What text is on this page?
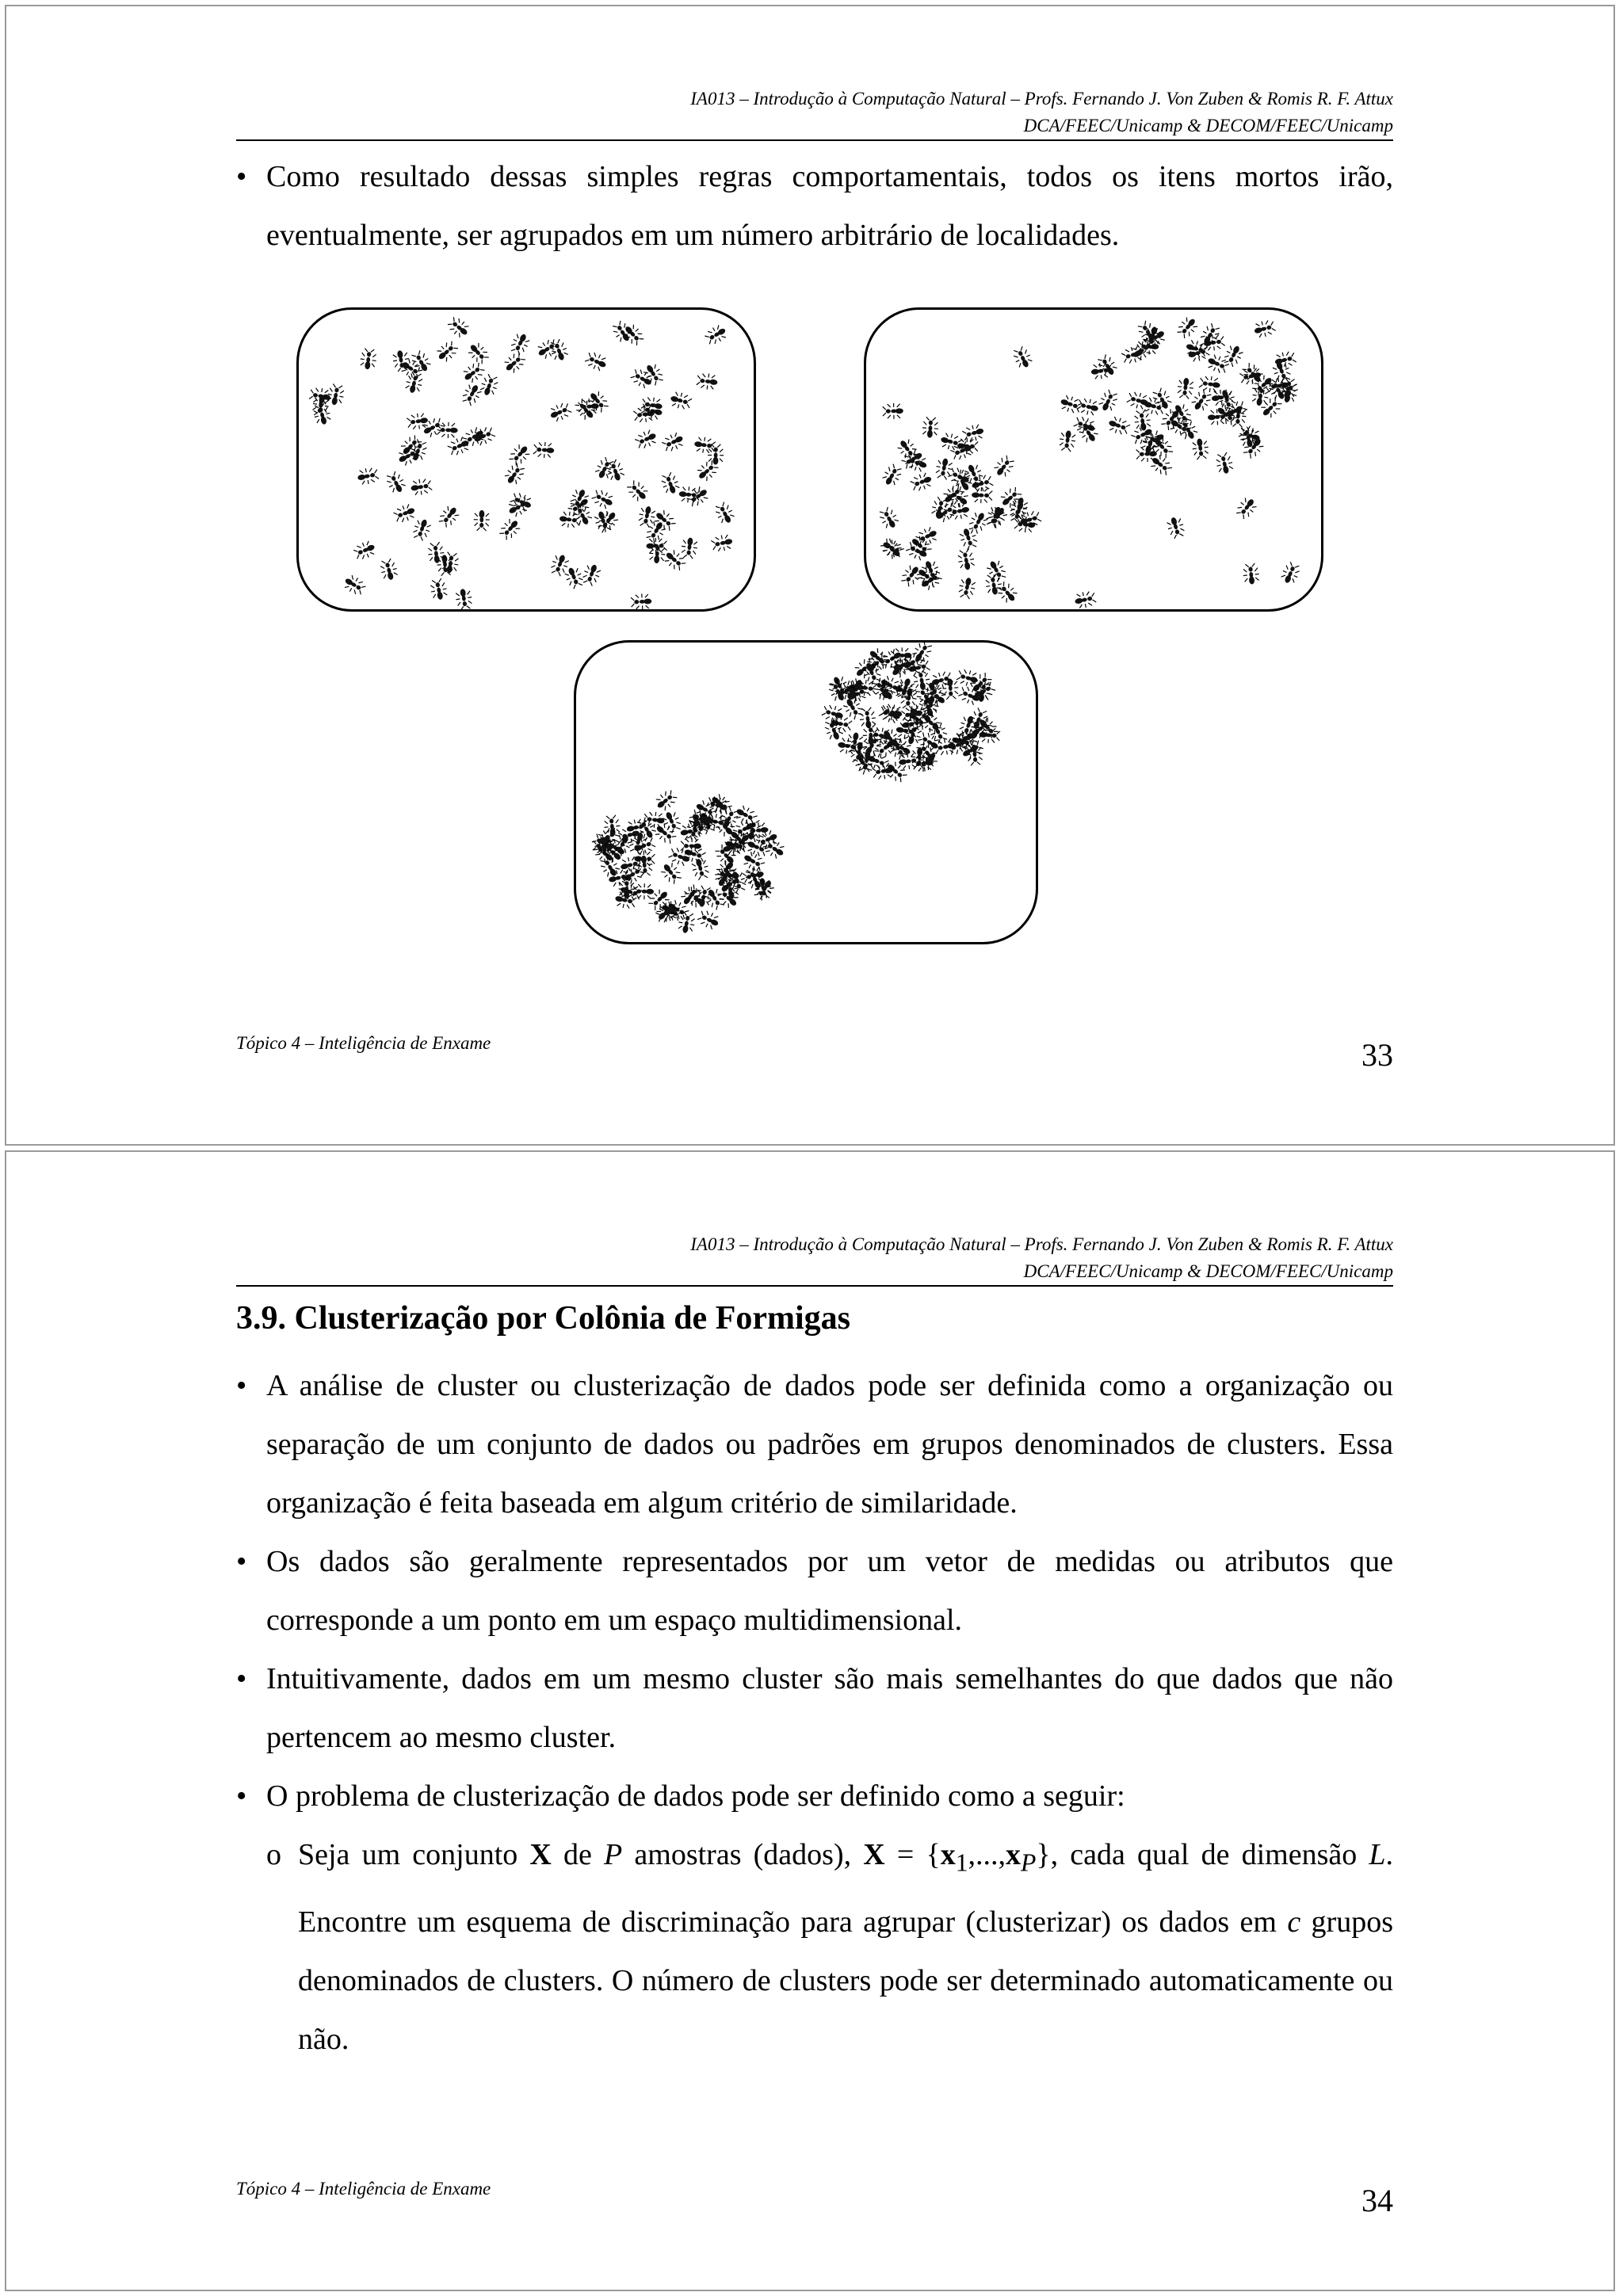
IA013 – Introdução à Computação Natural – Profs. Fernando J. Von Zuben & Romis R. F. Attux
DCA/FEEC/Unicamp & DECOM/FEEC/Unicamp
• Como resultado dessas simples regras comportamentais, todos os itens mortos irão, eventualmente, ser agrupados em um número arbitrário de localidades.
Tópico 4 – Inteligência de Enxame	33
IA013 – Introdução à Computação Natural – Profs. Fernando J. Von Zuben & Romis R. F. Attux
DCA/FEEC/Unicamp & DECOM/FEEC/Unicamp
3.9. Clusterização por Colônia de Formigas
• A análise de cluster ou clusterização de dados pode ser definida como a organização ou separação de um conjunto de dados ou padrões em grupos denominados de clusters. Essa organização é feita baseada em algum critério de similaridade.
• Os dados são geralmente representados por um vetor de medidas ou atributos que corresponde a um ponto em um espaço multidimensional.
• Intuitivamente, dados em um mesmo cluster são mais semelhantes do que dados que não pertencem ao mesmo cluster.
• O problema de clusterização de dados pode ser definido como a seguir:
o Seja um conjunto X de P amostras (dados), $X = \{x_1,...,x_P\}$, cada qual de dimensão L. Encontre um esquema de discriminação para agrupar (clusterizar) os dados em c grupos denominados de clusters. O número de clusters pode ser determinado automaticamente ou não.
Tópico 4 – Inteligência de Enxame	34
